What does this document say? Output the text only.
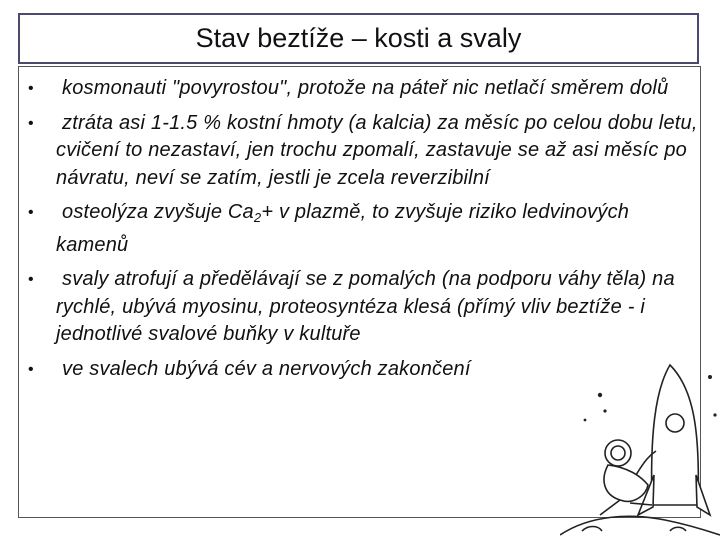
Stav beztíže – kosti a svaly
• kosmonauti "povyrostou", protože na páteř nic netlačí směrem dolů
• ztráta asi 1-1.5 % kostní hmoty (a kalcia) za měsíc po celou dobu letu, cvičení to nezastaví, jen trochu zpomalí, zastavuje se až asi měsíc po návratu, neví se zatím, jestli je zcela reverzibilní
• osteolýza zvyšuje $Ca_2+ v$ plazmě, to zvyšuje riziko ledvinových kamenů
• svaly atrofují a předělávají se z pomalých (na podporu váhy těla) na rychlé, ubývá myosinu, proteosyntéza klesá (přímý vliv beztíže - i jednotlivé svalové buňky v kultuře
• ve svalech ubývá cév a nervových zakončení
